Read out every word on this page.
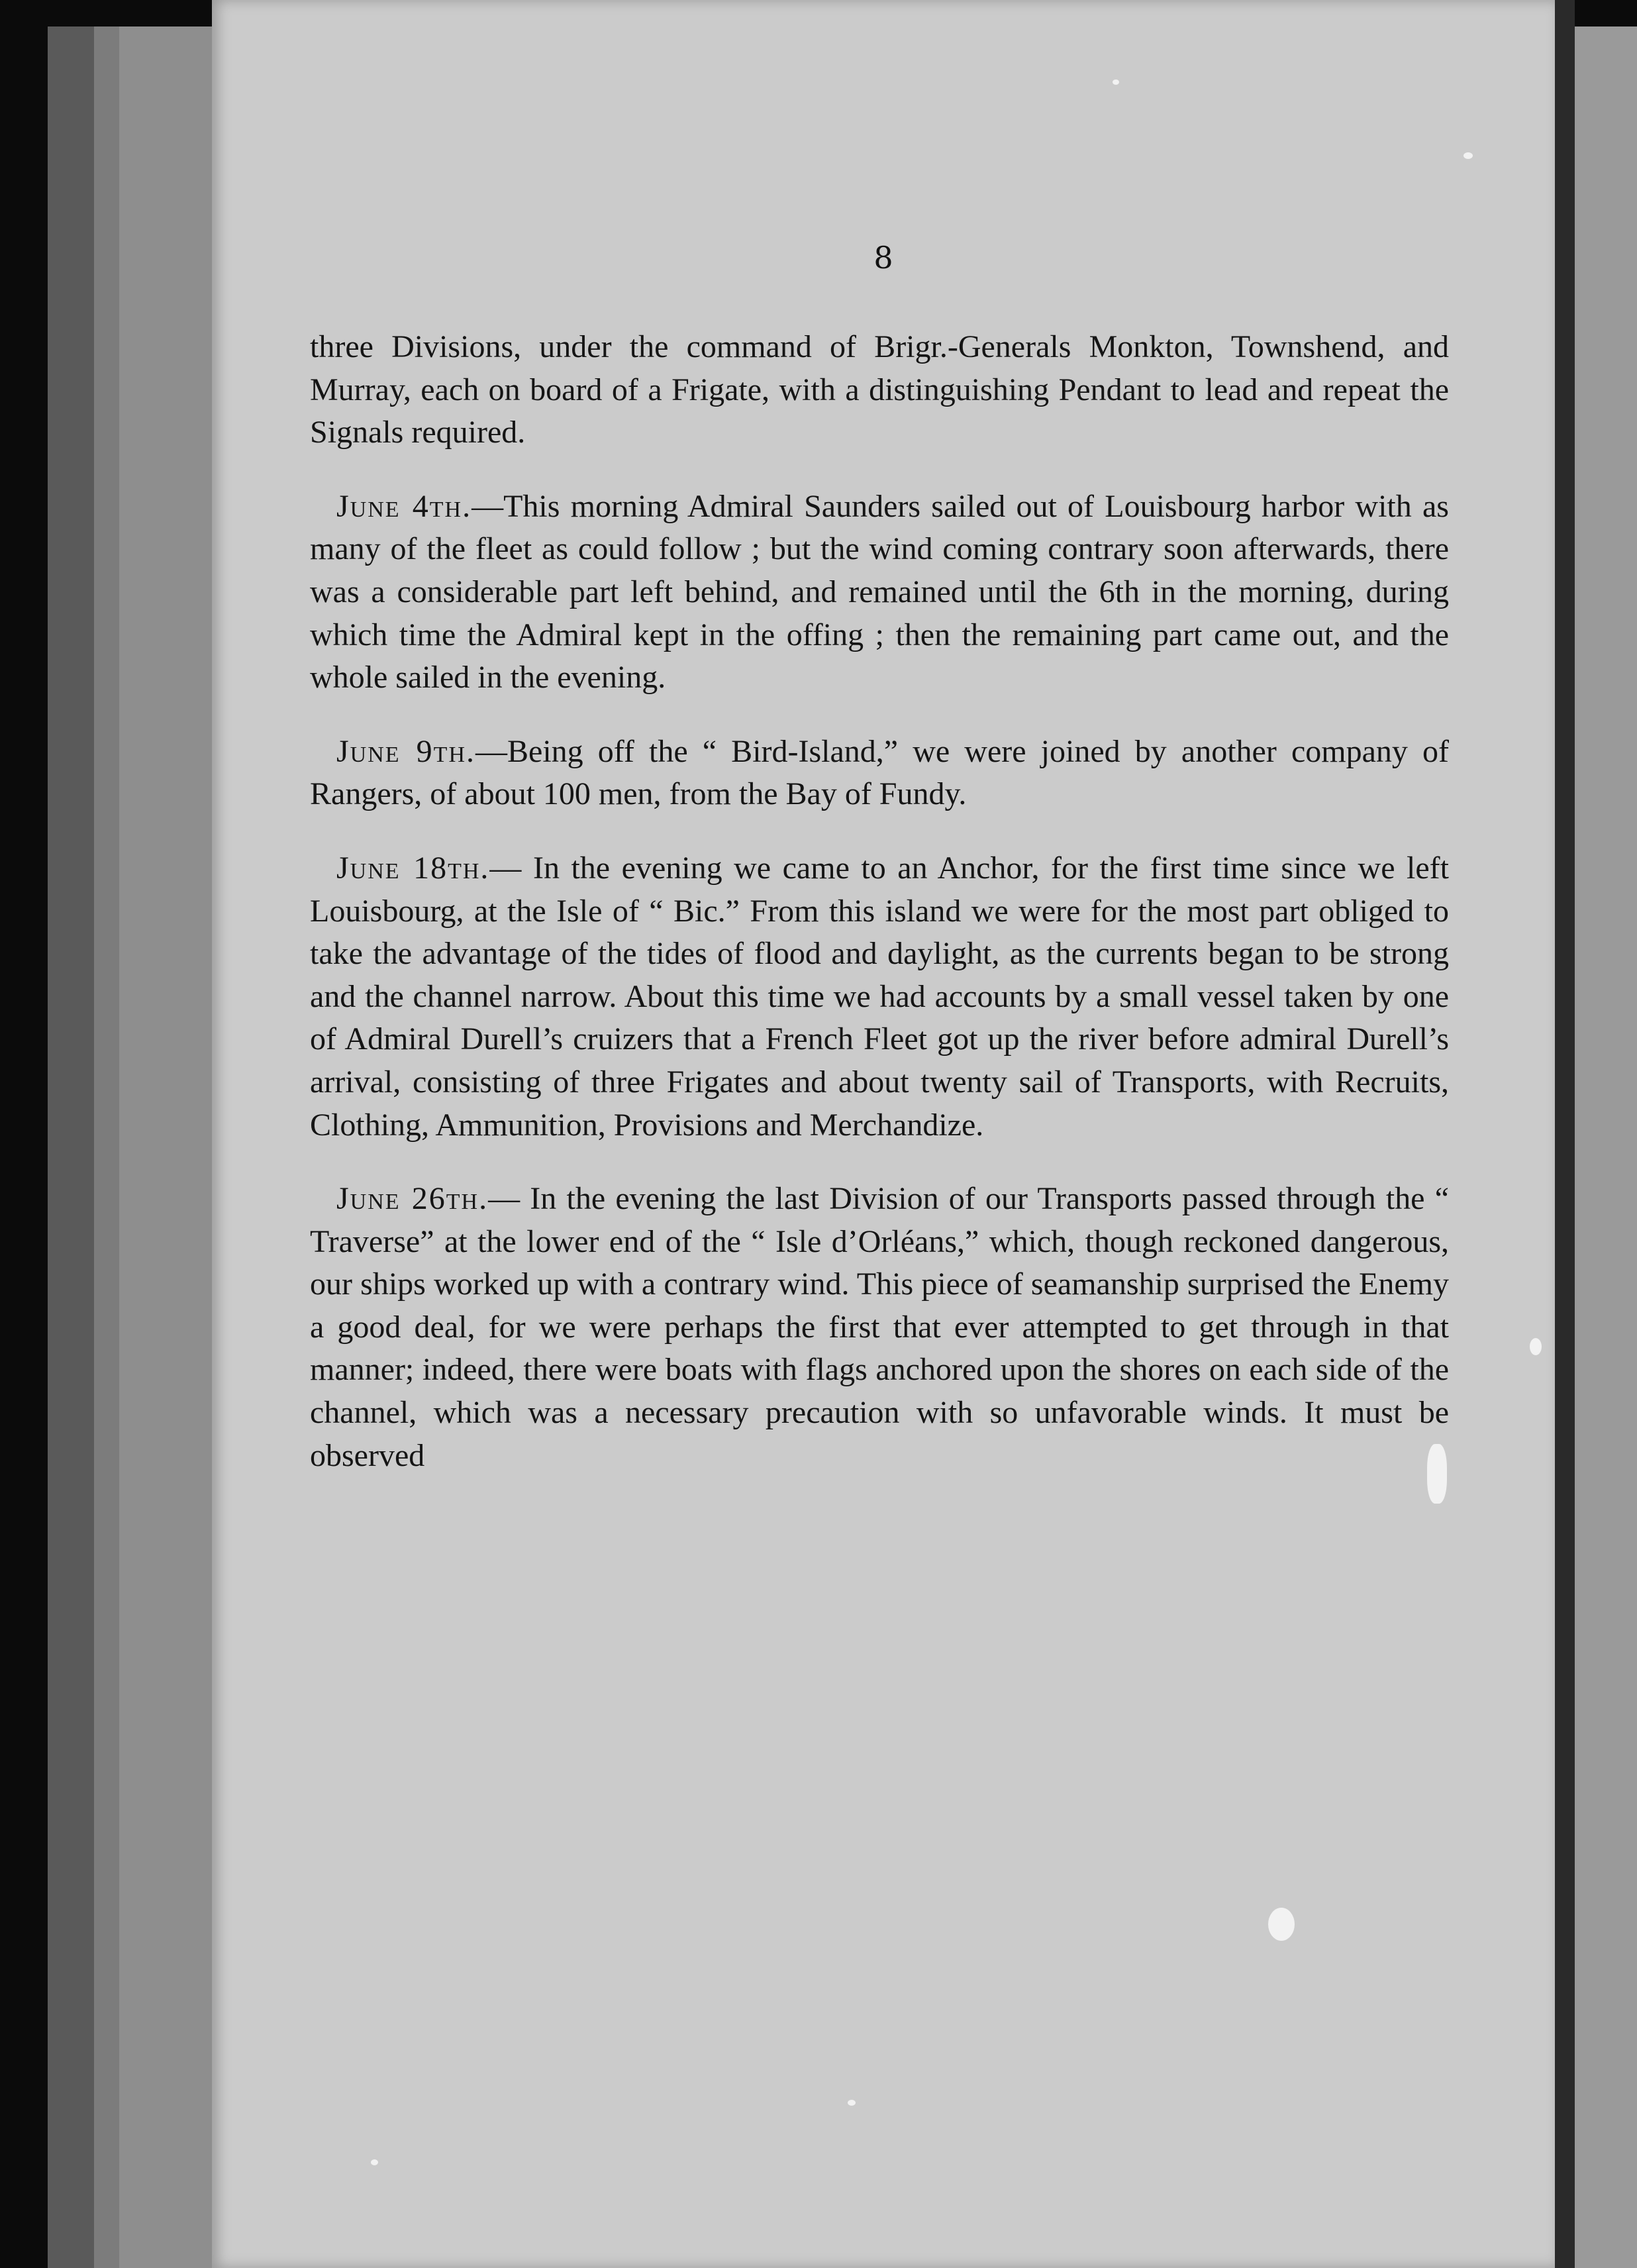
8

three Divisions, under the command of Brigr.-Generals Monkton, Townshend, and Murray, each on board of a Frigate, with a distinguishing Pendant to lead and repeat the Signals required.

June 4th.—This morning Admiral Saunders sailed out of Louisbourg harbor with as many of the fleet as could follow ; but the wind coming contrary soon afterwards, there was a considerable part left behind, and remained until the 6th in the morning, during which time the Admiral kept in the offing ; then the remaining part came out, and the whole sailed in the evening.

June 9th.—Being off the “ Bird-Island,” we were joined by another company of Rangers, of about 100 men, from the Bay of Fundy.

June 18th.— In the evening we came to an Anchor, for the first time since we left Louisbourg, at the Isle of “ Bic.” From this island we were for the most part obliged to take the advantage of the tides of flood and daylight, as the currents began to be strong and the channel narrow. About this time we had accounts by a small vessel taken by one of Admiral Durell’s cruizers that a French Fleet got up the river before admiral Durell’s arrival, consisting of three Frigates and about twenty sail of Transports, with Recruits, Clothing, Ammunition, Provisions and Merchandize.

June 26th.— In the evening the last Division of our Transports passed through the “ Traverse” at the lower end of the “ Isle d’Orléans,” which, though reckoned dangerous, our ships worked up with a contrary wind. This piece of seamanship surprised the Enemy a good deal, for we were perhaps the first that ever attempted to get through in that manner; indeed, there were boats with flags anchored upon the shores on each side of the channel, which was a necessary precaution with so unfavorable winds. It must be observed
